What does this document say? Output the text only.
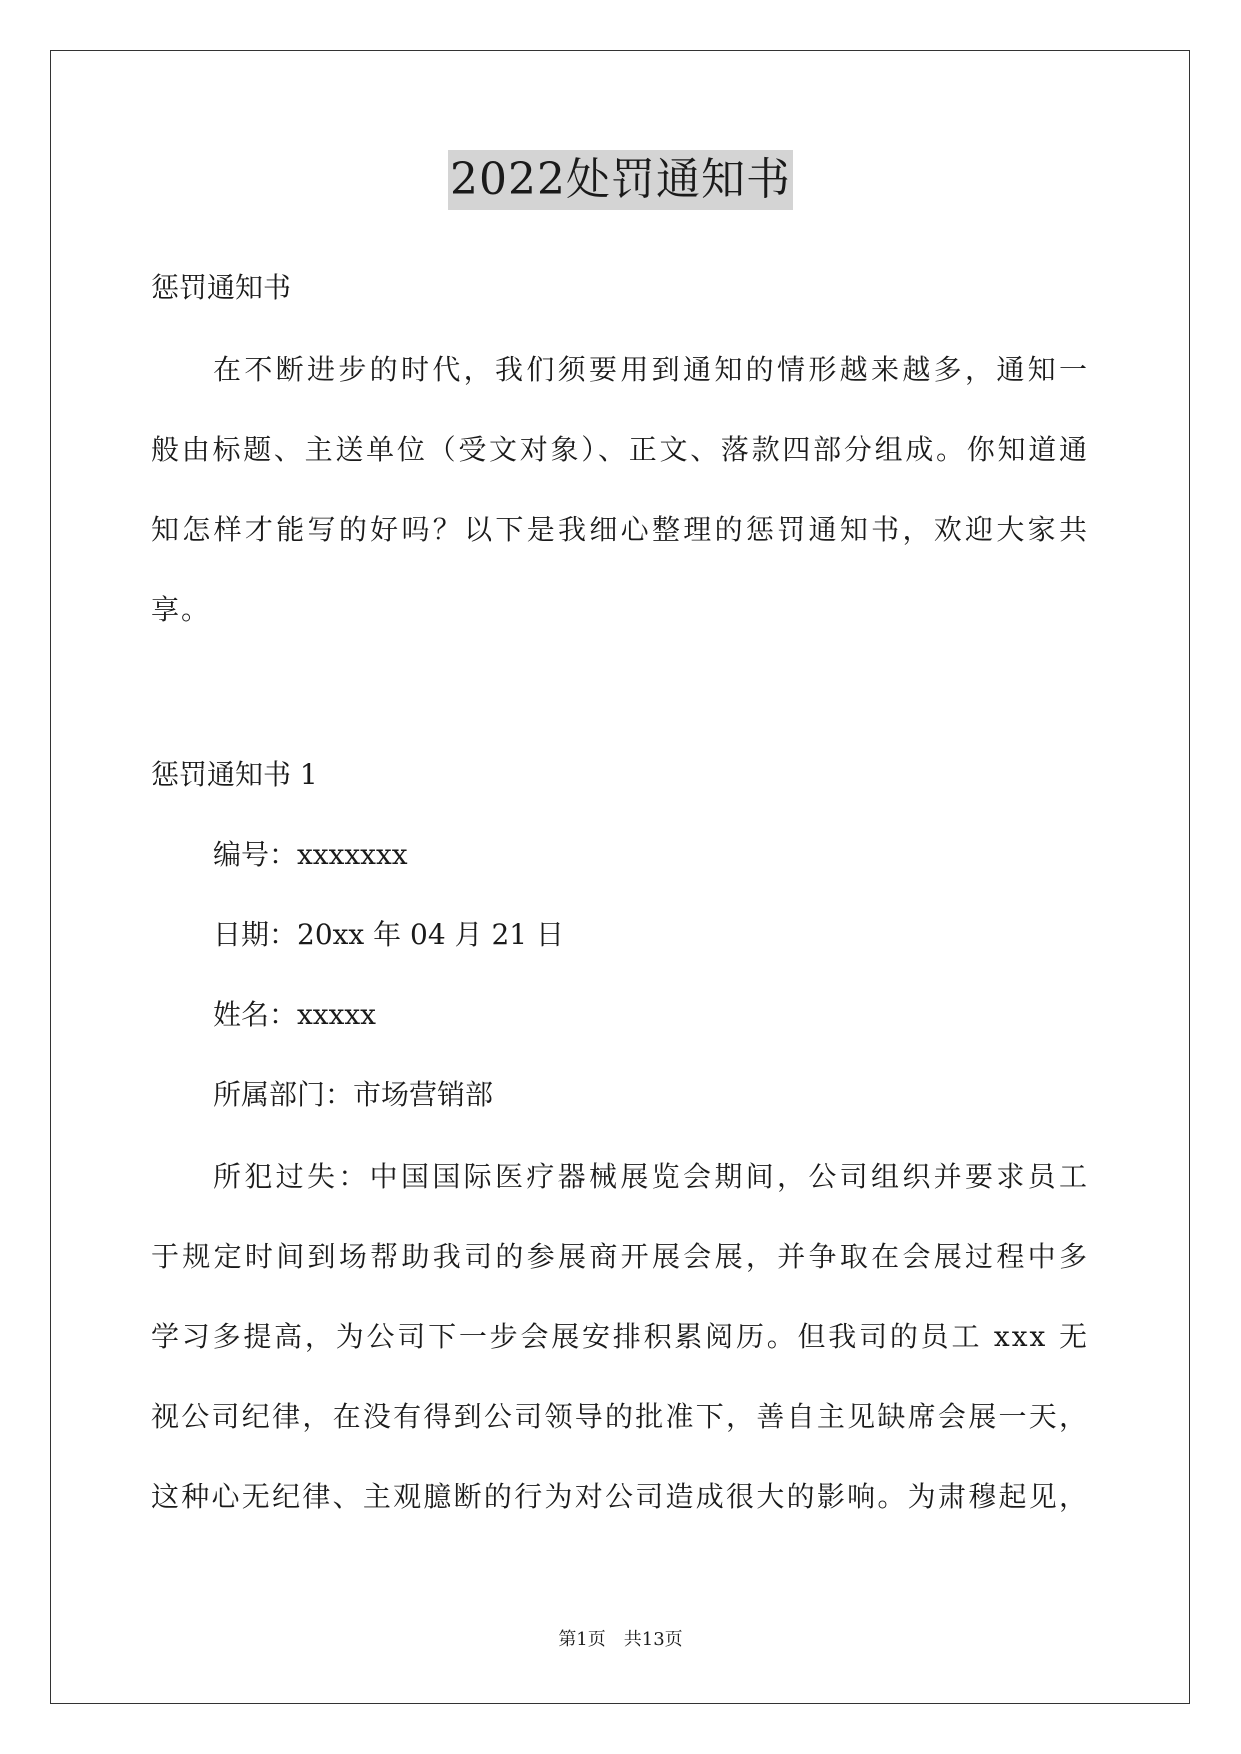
2022处罚通知书

惩罚通知书

在不断进步的时代，我们须要用到通知的情形越来越多，通知一

般由标题、主送单位（受文对象）、正文、落款四部分组成。你知道通

知怎样才能写的好吗？以下是我细心整理的惩罚通知书，欢迎大家共

享。

惩罚通知书 1

编号：xxxxxxx

日期：20xx 年 04 月 21 日

姓名：xxxxx

所属部门：市场营销部

所犯过失：中国国际医疗器械展览会期间，公司组织并要求员工

于规定时间到场帮助我司的参展商开展会展，并争取在会展过程中多

学习多提高，为公司下一步会展安排积累阅历。但我司的员工 xxx 无

视公司纪律，在没有得到公司领导的批准下，善自主见缺席会展一天，

这种心无纪律、主观臆断的行为对公司造成很大的影响。为肃穆起见，

第1页 共13页
